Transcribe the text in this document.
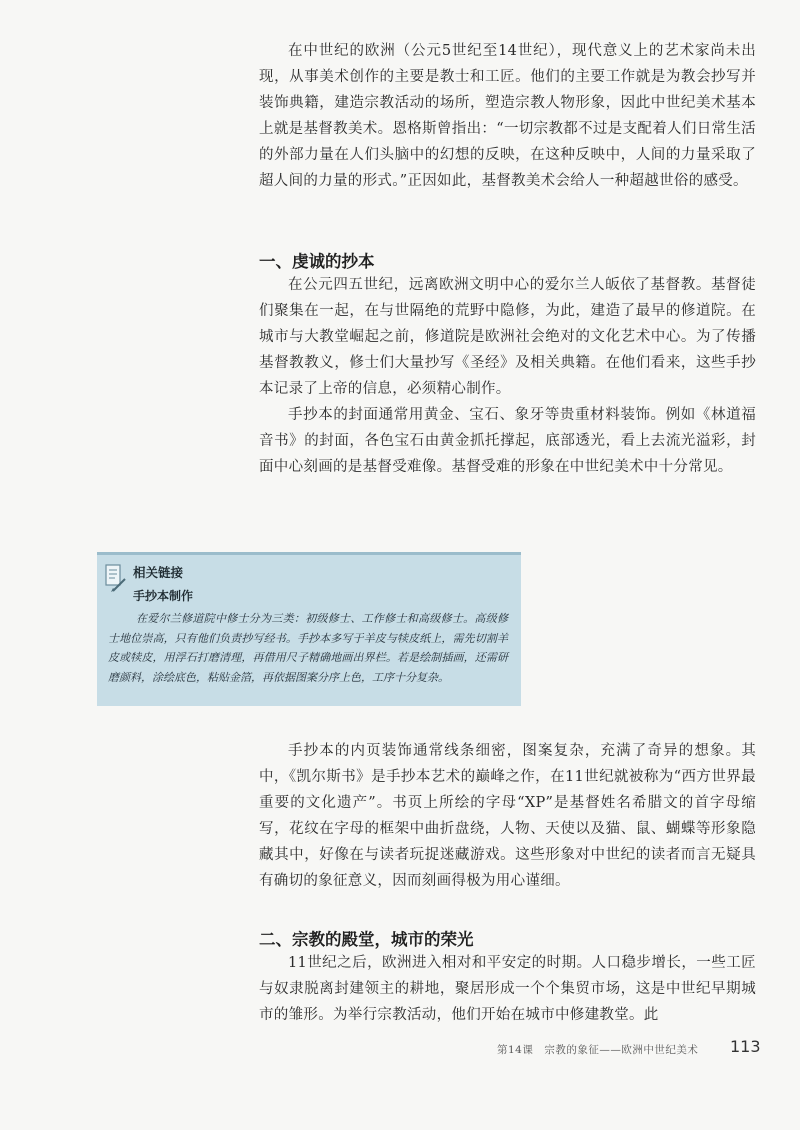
在中世纪的欧洲（公元5世纪至14世纪），现代意义上的艺术家尚未出现，从事美术创作的主要是教士和工匠。他们的主要工作就是为教会抄写并装饰典籍，建造宗教活动的场所，塑造宗教人物形象，因此中世纪美术基本上就是基督教美术。恩格斯曾指出：“一切宗教都不过是支配着人们日常生活的外部力量在人们头脑中的幻想的反映，在这种反映中，人间的力量采取了超人间的力量的形式。”正因如此，基督教美术会给人一种超越世俗的感受。

一、虔诚的抄本

在公元四五世纪，远离欧洲文明中心的爱尔兰人皈依了基督教。基督徒们聚集在一起，在与世隔绝的荒野中隐修，为此，建造了最早的修道院。在城市与大教堂崛起之前，修道院是欧洲社会绝对的文化艺术中心。为了传播基督教教义，修士们大量抄写《圣经》及相关典籍。在他们看来，这些手抄本记录了上帝的信息，必须精心制作。

手抄本的封面通常用黄金、宝石、象牙等贵重材料装饰。例如《林道福音书》的封面，各色宝石由黄金抓托撑起，底部透光，看上去流光溢彩，封面中心刻画的是基督受难像。基督受难的形象在中世纪美术中十分常见。

相关链接
手抄本制作

在爱尔兰修道院中修士分为三类：初级修士、工作修士和高级修士。高级修士地位崇高，只有他们负责抄写经书。手抄本多写于羊皮与犊皮纸上，需先切割羊皮或犊皮，用浮石打磨清理，再借用尺子精确地画出界栏。若是绘制插画，还需研磨颜料，涂绘底色，粘贴金箔，再依据图案分序上色，工序十分复杂。

手抄本的内页装饰通常线条细密，图案复杂，充满了奇异的想象。其中，《凯尔斯书》是手抄本艺术的巅峰之作，在11世纪就被称为“西方世界最重要的文化遗产”。书页上所绘的字母“XP”是基督姓名希腊文的首字母缩写，花纹在字母的框架中曲折盘绕，人物、天使以及猫、鼠、蝴蝶等形象隐藏其中，好像在与读者玩捉迷藏游戏。这些形象对中世纪的读者而言无疑具有确切的象征意义，因而刻画得极为用心谨细。

二、宗教的殿堂，城市的荣光

11世纪之后，欧洲进入相对和平安定的时期。人口稳步增长，一些工匠与奴隶脱离封建领主的耕地，聚居形成一个个集贸市场，这是中世纪早期城市的雏形。为举行宗教活动，他们开始在城市中修建教堂。此

第14课　宗教的象征——欧洲中世纪美术 113
